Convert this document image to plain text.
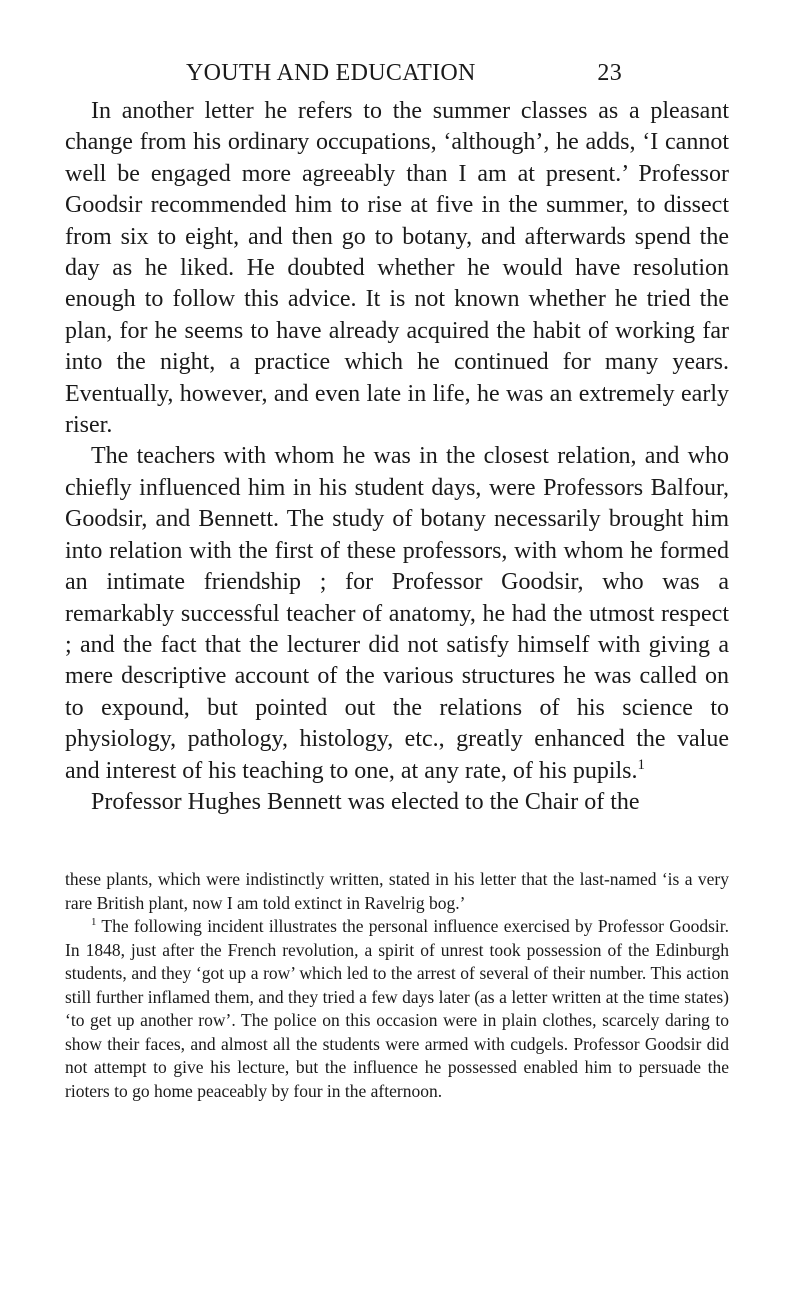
YOUTH AND EDUCATION	23

In another letter he refers to the summer classes as a pleasant change from his ordinary occupations, ‘although’, he adds, ‘I cannot well be engaged more agreeably than I am at present.’ Professor Goodsir recommended him to rise at five in the summer, to dissect from six to eight, and then go to botany, and afterwards spend the day as he liked. He doubted whether he would have resolution enough to follow this advice. It is not known whether he tried the plan, for he seems to have already acquired the habit of working far into the night, a practice which he continued for many years. Eventually, however, and even late in life, he was an extremely early riser.

The teachers with whom he was in the closest relation, and who chiefly influenced him in his student days, were Professors Balfour, Goodsir, and Bennett. The study of botany necessarily brought him into relation with the first of these professors, with whom he formed an intimate friendship ; for Professor Goodsir, who was a remarkably successful teacher of anatomy, he had the utmost respect ; and the fact that the lecturer did not satisfy himself with giving a mere descriptive account of the various structures he was called on to expound, but pointed out the relations of his science to physiology, pathology, histology, etc., greatly enhanced the value and interest of his teaching to one, at any rate, of his pupils.$^1$

Professor Hughes Bennett was elected to the Chair of the

these plants, which were indistinctly written, stated in his letter that the last-named ‘is a very rare British plant, now I am told extinct in Ravelrig bog.’

$^1$ The following incident illustrates the personal influence exercised by Professor Goodsir. In 1848, just after the French revolution, a spirit of unrest took possession of the Edinburgh students, and they ‘got up a row’ which led to the arrest of several of their number. This action still further inflamed them, and they tried a few days later (as a letter written at the time states) ‘to get up another row’. The police on this occasion were in plain clothes, scarcely daring to show their faces, and almost all the students were armed with cudgels. Professor Goodsir did not attempt to give his lecture, but the influence he possessed enabled him to persuade the rioters to go home peaceably by four in the afternoon.
